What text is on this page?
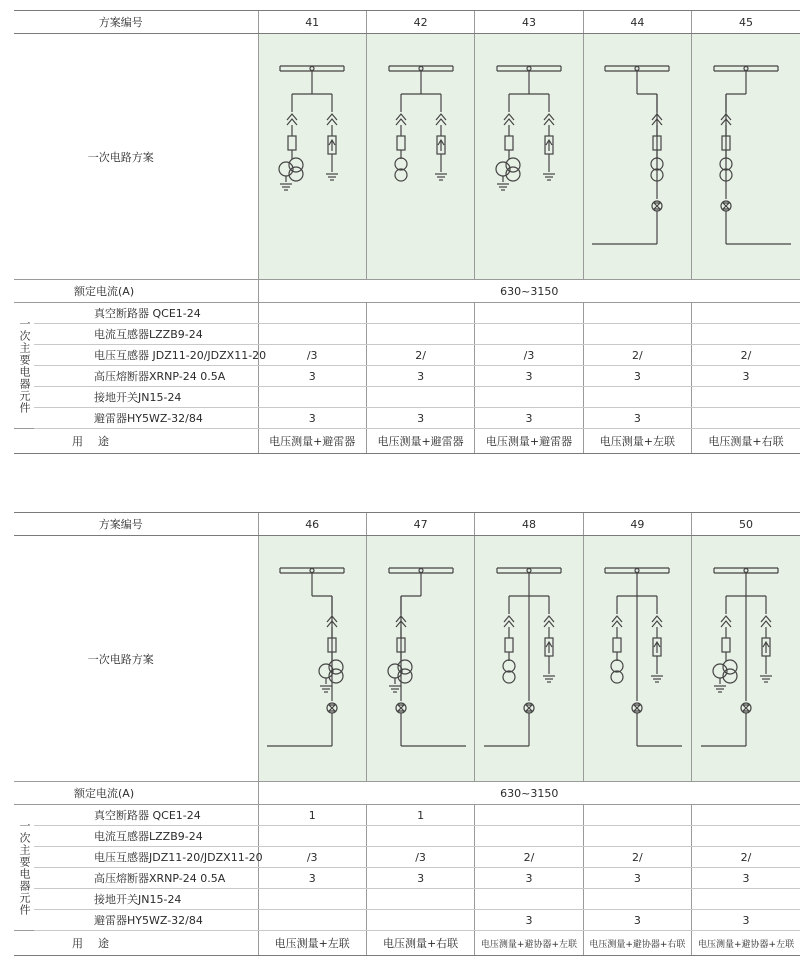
方案编号		41	42	43	44	45
一次电路方案	

额定电流(A)		630~3150				

一次主要电器元件	真空断路器 QCE1-24					
	电流互感器LZZB9-24					
	电压互感器 JDZ11-20/JDZX11-20	/3	2/	/3	2/	2/
	高压熔断器XRNP-24 0.5A	3	3	3	3	3
	接地开关JN15-24					
	避雷器HY5WZ-32/84	3	3	3	3	
用　途		电压测量+避雷器	电压测量+避雷器	电压测量+避雷器	电压测量+左联	电压测量+右联
方案编号		46	47	48	49	50
一次电路方案	

额定电流(A)		630~3150				

一次主要电器元件	真空断路器 QCE1-24	1	1			
	电流互感器LZZB9-24					
	电压互感器JDZ11-20/JDZX11-20	/3	/3	2/	2/	2/
	高压熔断器XRNP-24 0.5A	3	3	3	3	3
	接地开关JN15-24					
	避雷器HY5WZ-32/84			3	3	3
用　途		电压测量+左联	电压测量+右联	电压测量+避协器+左联	电压测量+避协器+右联	电压测量+避协器+左联
